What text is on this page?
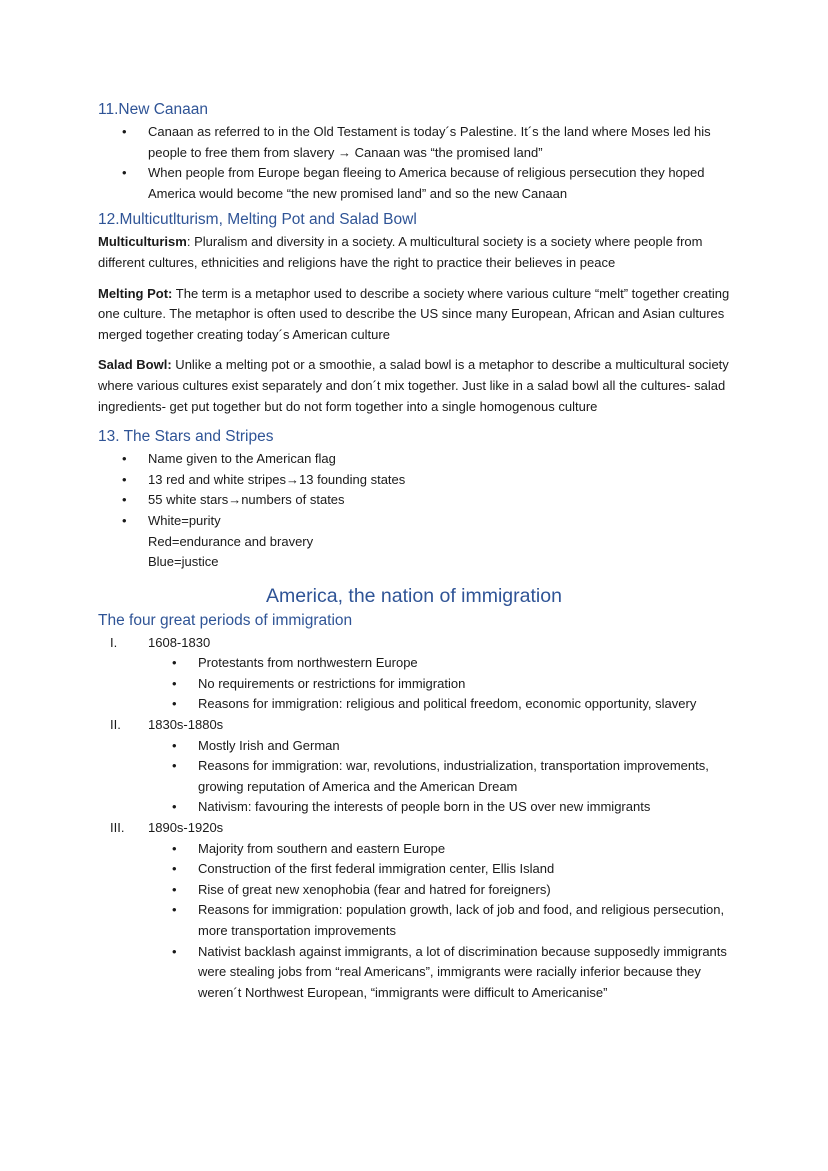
11.New Canaan
• Canaan as referred to in the Old Testament is today´s Palestine. It´s the land where Moses led his people to free them from slavery → Canaan was “the promised land”
• When people from Europe began fleeing to America because of religious persecution they hoped America would become “the new promised land” and so the new Canaan
12.Multicutlturism, Melting Pot and Salad Bowl

Multiculturism: Pluralism and diversity in a society. A multicultural society is a society where people from different cultures, ethnicities and religions have the right to practice their believes in peace

Melting Pot: The term is a metaphor used to describe a society where various culture “melt” together creating one culture. The metaphor is often used to describe the US since many European, African and Asian cultures merged together creating today´s American culture

Salad Bowl: Unlike a melting pot or a smoothie, a salad bowl is a metaphor to describe a multicultural society where various cultures exist separately and don´t mix together. Just like in a salad bowl all the cultures- salad ingredients- get put together but do not form together into a single homogenous culture

13. The Stars and Stripes
• Name given to the American flag
• 13 red and white stripes→13 founding states
• 55 white stars→numbers of states
• White=purity
Red=endurance and bravery
Blue=justice
America, the nation of immigration
The four great periods of immigration
I. 1608-1830
• Protestants from northwestern Europe
• No requirements or restrictions for immigration
• Reasons for immigration: religious and political freedom, economic opportunity, slavery
II. 1830s-1880s
• Mostly Irish and German
• Reasons for immigration: war, revolutions, industrialization, transportation improvements, growing reputation of America and the American Dream
• Nativism: favouring the interests of people born in the US over new immigrants
III. 1890s-1920s
• Majority from southern and eastern Europe
• Construction of the first federal immigration center, Ellis Island
• Rise of great new xenophobia (fear and hatred for foreigners)
• Reasons for immigration: population growth, lack of job and food, and religious persecution, more transportation improvements
• Nativist backlash against immigrants, a lot of discrimination because supposedly immigrants were stealing jobs from “real Americans”, immigrants were racially inferior because they weren´t Northwest European, “immigrants were difficult to Americanise”
